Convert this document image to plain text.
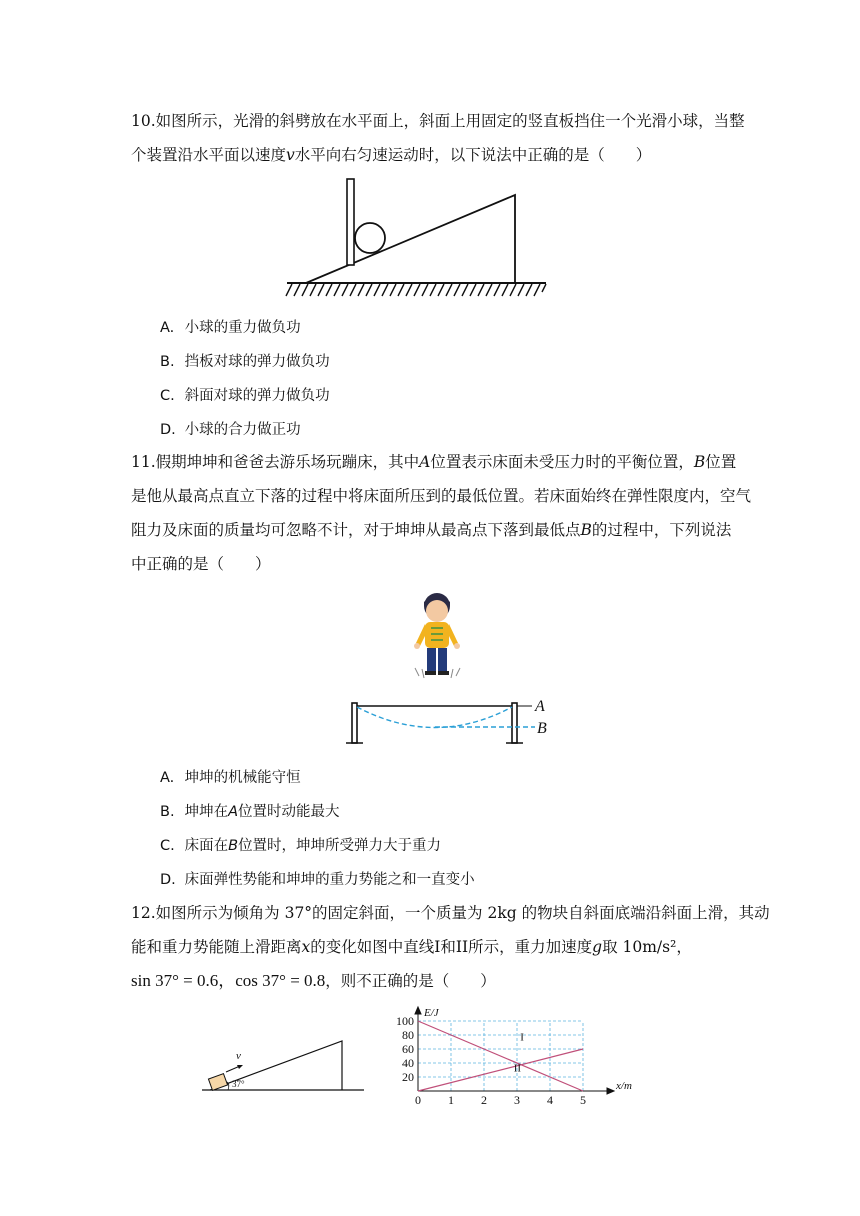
10.如图所示，光滑的斜劈放在水平面上，斜面上用固定的竖直板挡住一个光滑小球，当整
个装置沿水平面以速度v水平向右匀速运动时，以下说法中正确的是（　　）
A. 小球的重力做负功
B. 挡板对球的弹力做负功
C. 斜面对球的弹力做负功
D. 小球的合力做正功
11.假期坤坤和爸爸去游乐场玩蹦床，其中A位置表示床面未受压力时的平衡位置，B位置
是他从最高点直立下落的过程中将床面所压到的最低位置。若床面始终在弹性限度内，空气
阻力及床面的质量均可忽略不计，对于坤坤从最高点下落到最低点B的过程中，下列说法
中正确的是（　　）
A
B
A. 坤坤的机械能守恒
B. 坤坤在A位置时动能最大
C. 床面在B位置时，坤坤所受弹力大于重力
D. 床面弹性势能和坤坤的重力势能之和一直变小
12.如图所示为倾角为 37°的固定斜面，一个质量为 2kg 的物块自斜面底端沿斜面上滑，其动
能和重力势能随上滑距离x的变化如图中直线I和II所示，重力加速度g取 10m/s²，
sin 37° = 0.6，cos 37° = 0.8，则不正确的是（　　）
v
37°
E/J
x/m
20
40
60
80
100
0 1 2 3 4 5
I
II
